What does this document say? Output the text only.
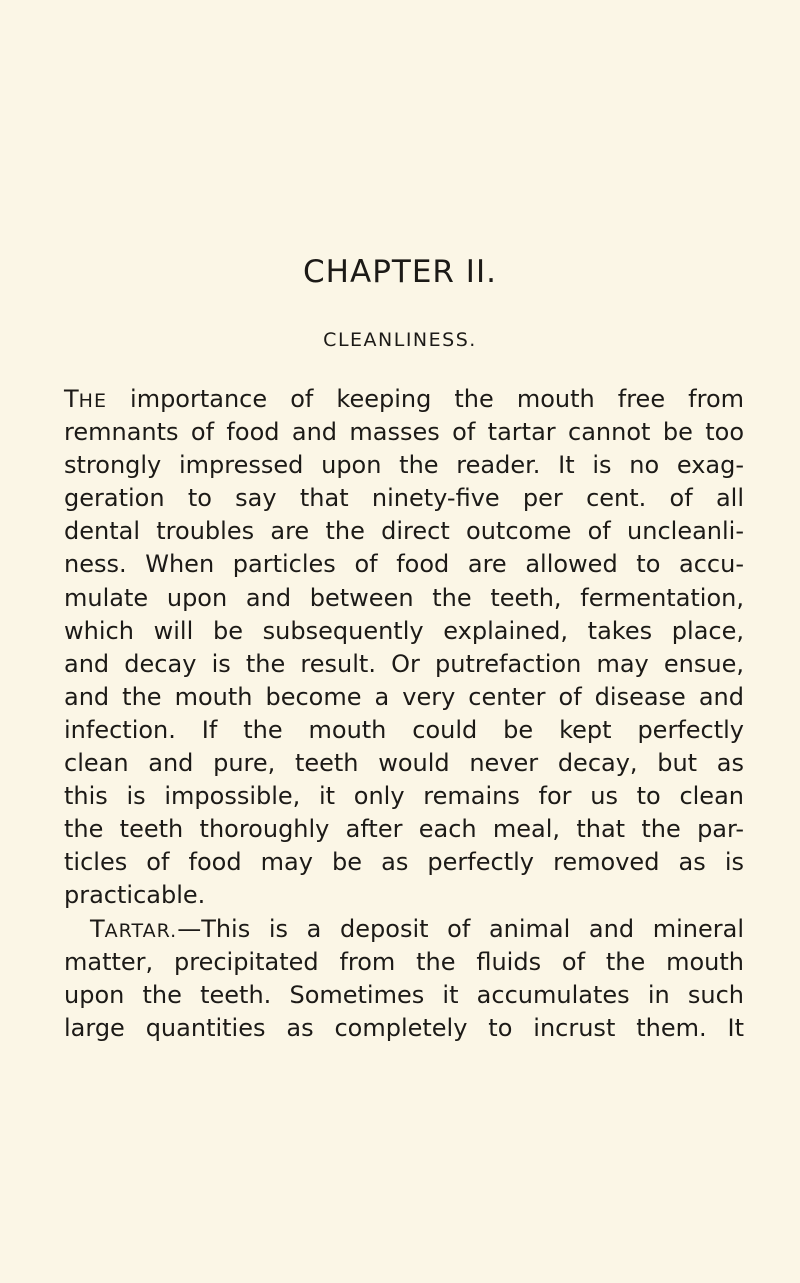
CHAPTER II.
CLEANLINESS.
THE importance of keeping the mouth free from
remnants of food and masses of tartar cannot be too
strongly impressed upon the reader. It is no exag-
geration to say that ninety-five per cent. of all
dental troubles are the direct outcome of uncleanli-
ness. When particles of food are allowed to accu-
mulate upon and between the teeth, fermentation,
which will be subsequently explained, takes place,
and decay is the result. Or putrefaction may ensue,
and the mouth become a very center of disease and
infection. If the mouth could be kept perfectly
clean and pure, teeth would never decay, but as
this is impossible, it only remains for us to clean
the teeth thoroughly after each meal, that the par-
ticles of food may be as perfectly removed as is
practicable.
TARTAR.—This is a deposit of animal and mineral
matter, precipitated from the fluids of the mouth
upon the teeth. Sometimes it accumulates in such
large quantities as completely to incrust them. It
